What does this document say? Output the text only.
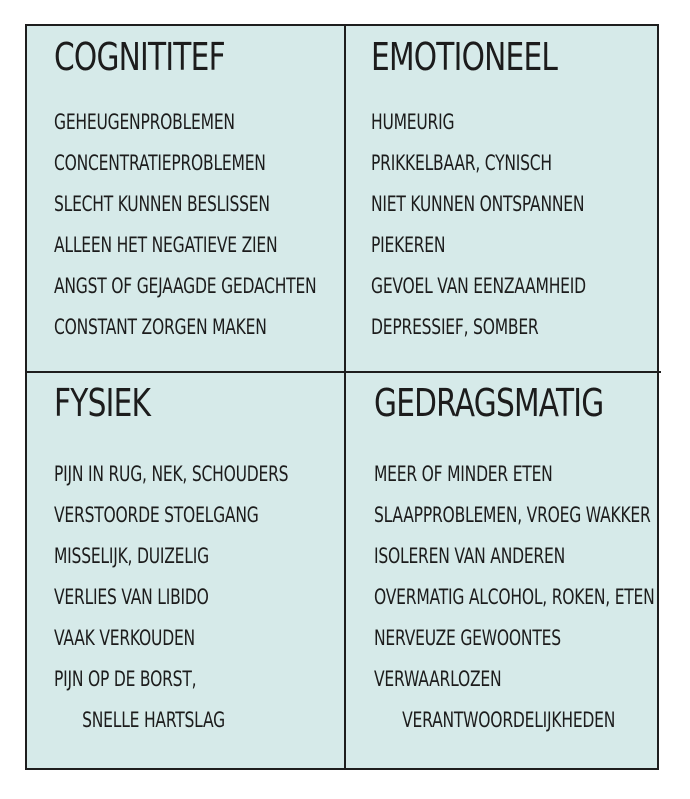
COGNITITEF
GEHEUGENPROBLEMEN
CONCENTRATIEPROBLEMEN
SLECHT KUNNEN BESLISSEN
ALLEEN HET NEGATIEVE ZIEN
ANGST OF GEJAAGDE GEDACHTEN
CONSTANT ZORGEN MAKEN
EMOTIONEEL
HUMEURIG
PRIKKELBAAR, CYNISCH
NIET KUNNEN ONTSPANNEN
PIEKEREN
GEVOEL VAN EENZAAMHEID
DEPRESSIEF, SOMBER
FYSIEK
PIJN IN RUG, NEK, SCHOUDERS
VERSTOORDE STOELGANG
MISSELIJK, DUIZELIG
VERLIES VAN LIBIDO
VAAK VERKOUDEN
PIJN OP DE BORST,
SNELLE HARTSLAG
GEDRAGSMATIG
MEER OF MINDER ETEN
SLAAPPROBLEMEN, VROEG WAKKER
ISOLEREN VAN ANDEREN
OVERMATIG ALCOHOL, ROKEN, ETEN
NERVEUZE GEWOONTES
VERWAARLOZEN
VERANTWOORDELIJKHEDEN
